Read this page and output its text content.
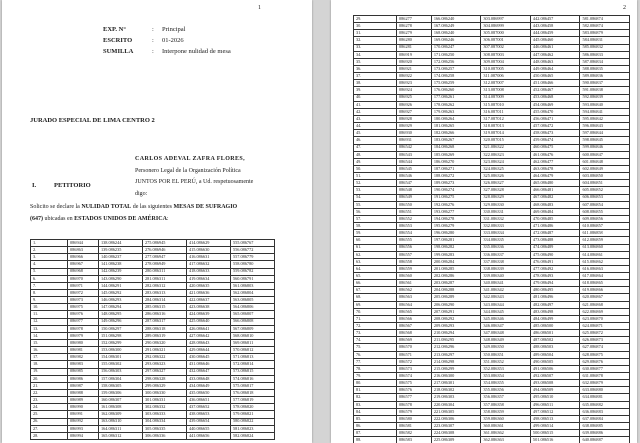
1
EXP. N°	:	Principal
ESCRITO	:	01-2026
SUMILLA	:	Interpone nulidad de mesa
JURADO ESPECIAL DE LIMA CENTRO 2
CARLOS ADEVAL ZAFRA FLORES,
Personero Legal de la Organización Política
JUNTOS POR EL PERÚ, a Ud. respetuosamente
digo:
I.	PETITORIO
Solicito se declare la NULIDAD TOTAL de las siguientes MESAS DE SUFRAGIO
(647) ubicadas en ESTADOS UNIDOS DE AMÉRICA:
1.	086944	138.086244	275.086945	414.086629	555.086767
2.	086863	139.086235	276.086946	415.086630	556.086772
3.	086966	140.086237	277.086947	416.086631	557.086779
4.	086967	141.086238	278.086949	417.086632	558.086780
5.	086968	142.086239	280.086311	418.086633	559.086782
6.	086970	143.086290	281.086311	419.086634	560.086791
7.	086971	144.086291	282.086312	420.086635	561.086803
8.	086972	145.086292	283.086313	421.086636	562.086804
9.	086973	146.086293	284.086314	422.086637	563.086805
10.	086975	147.086294	285.086315	423.086638	564.086806
11.	086976	148.086295	286.086316	424.086639	565.086807
12.	086977	149.086296	287.086317	425.086640	566.086808
13.	086978	150.086297	288.086318	426.086641	567.086809
14.	086979	151.086298	289.086319	427.086642	568.086810
15.	086980	152.086299	290.086320	428.086643	569.086811
16.	086981	153.086300	291.086321	429.086644	570.086812
17.	086982	154.086301	292.086322	430.086645	571.086813
18.	086983	155.086302	293.086323	431.086646	572.086814
19.	086985	156.086303	297.086327	432.086647	573.086815
20.	086986	157.086304	298.086328	433.086648	574.086816
21.	086987	158.086305	299.086329	434.086649	575.086817
22.	086988	159.086306	300.086330	435.086650	576.086818
23.	086989	160.086307	301.086331	436.086651	577.086819
24.	086990	161.086308	302.086332	437.086652	578.086820
25.	086991	162.086309	303.086333	438.086653	579.086821
26.	086992	163.086310	304.086334	439.086654	580.086822
27.	086993	164.086311	305.086335	440.086655	581.086823
28.	086994	165.086312	306.086336	441.086656	582.086824
2
29.	086277	166.086240	303.086997	442.086457	581.086874
30.	086278	167.086249	304.086999	443.086458	582.086874
31.	086279	168.086240	305.087000	444.086459	583.086879
32.	086280	169.086246	306.087001	445.086460	584.086831
33.	086281	170.086247	307.087002	446.086461	585.086832
34.	086919	171.086250	308.087003	447.086462	586.086833
35.	086920	172.086256	309.087004	448.086463	587.086834
36.	086921	173.086257	310.087005	449.086464	588.086835
37.	086922	174.086258	311.087006	450.086465	589.086836
38.	086923	175.086259	312.087007	451.086466	590.086837
39.	086924	176.086260	313.087008	452.086467	591.086838
40.	086925	177.086261	314.087009	453.086468	592.086839
41.	086926	178.086262	315.087010	454.086469	593.086840
42.	086927	179.086263	316.087011	455.086470	594.086841
43.	086928	180.086264	317.087012	456.086471	595.086842
44.	086929	181.086265	318.087013	457.086472	596.086843
45.	086930	182.086266	319.087014	458.086473	597.086844
46.	086931	183.086267	320.087015	459.086474	598.086845
47.	086542	184.086268	321.086322	460.086475	599.086846
48.	086543	185.086269	322.086323	461.086476	600.086847
49.	086544	186.086270	323.086324	462.086477	601.086848
50.	086545	187.086271	324.086325	463.086478	602.086849
51.	086546	188.086272	325.086326	464.086479	603.086850
52.	086547	189.086273	326.086327	465.086480	604.086851
53.	086548	190.086274	327.086328	466.086481	605.086852
54.	086549	191.086275	328.086329	467.086482	606.086853
55.	086550	192.086276	329.086330	468.086483	607.086854
56.	086551	193.086277	330.086331	469.086484	608.086855
57.	086552	194.086278	331.086332	470.086485	609.086856
58.	086553	195.086279	332.086333	471.086486	610.086857
59.	086554	196.086280	333.086334	472.086487	611.086858
60.	086555	197.086281	334.086335	473.086488	612.086859
61.	086556	198.086282	335.086336	474.086489	613.086860
62.	086557	199.086283	336.086337	475.086490	614.086861
63.	086558	200.086284	337.086338	476.086491	615.086862
64.	086559	201.086285	338.086339	477.086492	616.086863
65.	086560	202.086286	339.086340	478.086493	617.086864
66.	086561	203.086287	340.086341	479.086494	618.086865
67.	086562	204.086288	341.086342	480.086495	619.086866
68.	086563	205.086289	342.086343	481.086496	620.086867
69.	086564	206.086290	343.086344	482.086497	621.086868
70.	086565	207.086291	344.086345	483.086498	622.086869
71.	086566	208.086292	345.086346	484.086499	623.086870
72.	086567	209.086293	346.086347	485.086500	624.086871
73.	086568	210.086294	347.086348	486.086501	625.086872
74.	086569	211.086295	348.086349	487.086502	626.086873
75.	086570	212.086296	349.086350	488.086503	627.086874
76.	086571	213.086297	350.086351	489.086504	628.086875
77.	086572	214.086298	351.086352	490.086505	629.086876
78.	086573	215.086299	352.086353	491.086506	630.086877
79.	086574	216.086300	353.086354	492.086507	631.086878
80.	086575	217.086301	354.086355	493.086508	632.086879
81.	086576	218.086302	355.086356	494.086509	633.086880
82.	086577	219.086303	356.086357	495.086510	634.086881
83.	086578	220.086304	357.086358	496.086511	635.086882
84.	086579	221.086305	358.086359	497.086512	636.086883
85.	086580	222.086306	359.086360	498.086513	637.086884
86.	086581	223.086307	360.086361	499.086514	638.086885
87.	086582	224.086308	361.086362	500.086515	639.086886
88.	086583	225.086309	362.086363	501.086516	640.086887
